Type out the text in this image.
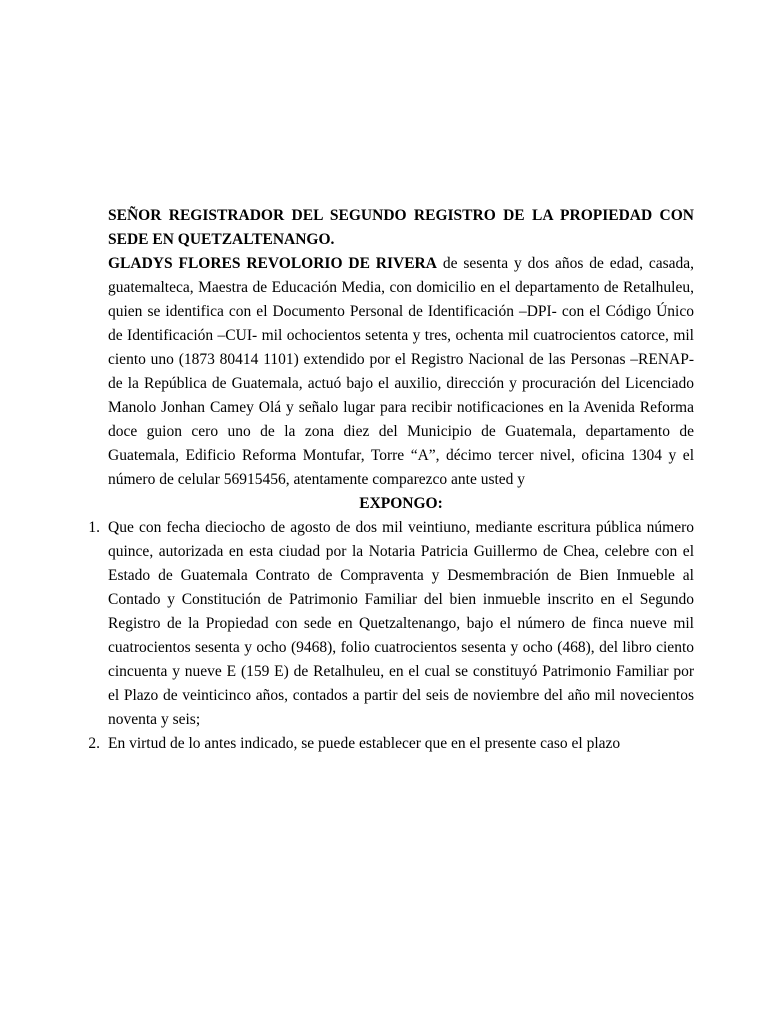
SEÑOR REGISTRADOR DEL SEGUNDO REGISTRO DE LA PROPIEDAD CON SEDE EN QUETZALTENANGO.

GLADYS FLORES REVOLORIO DE RIVERA de sesenta y dos años de edad, casada, guatemalteca, Maestra de Educación Media, con domicilio en el departamento de Retalhuleu, quien se identifica con el Documento Personal de Identificación –DPI- con el Código Único de Identificación –CUI- mil ochocientos setenta y tres, ochenta mil cuatrocientos catorce, mil ciento uno (1873 80414 1101) extendido por el Registro Nacional de las Personas –RENAP- de la República de Guatemala, actuó bajo el auxilio, dirección y procuración del Licenciado Manolo Jonhan Camey Olá y señalo lugar para recibir notificaciones en la Avenida Reforma doce guion cero uno de la zona diez del Municipio de Guatemala, departamento de Guatemala, Edificio Reforma Montufar, Torre “A”, décimo tercer nivel, oficina 1304 y el número de celular 56915456, atentamente comparezco ante usted y

EXPONGO:

1. Que con fecha dieciocho de agosto de dos mil veintiuno, mediante escritura pública número quince, autorizada en esta ciudad por la Notaria Patricia Guillermo de Chea, celebre con el Estado de Guatemala Contrato de Compraventa y Desmembración de Bien Inmueble al Contado y Constitución de Patrimonio Familiar del bien inmueble inscrito en el Segundo Registro de la Propiedad con sede en Quetzaltenango, bajo el número de finca nueve mil cuatrocientos sesenta y ocho (9468), folio cuatrocientos sesenta y ocho (468), del libro ciento cincuenta y nueve E (159 E) de Retalhuleu, en el cual se constituyó Patrimonio Familiar por el Plazo de veinticinco años, contados a partir del seis de noviembre del año mil novecientos noventa y seis;
2. En virtud de lo antes indicado, se puede establecer que en el presente caso el plazo
